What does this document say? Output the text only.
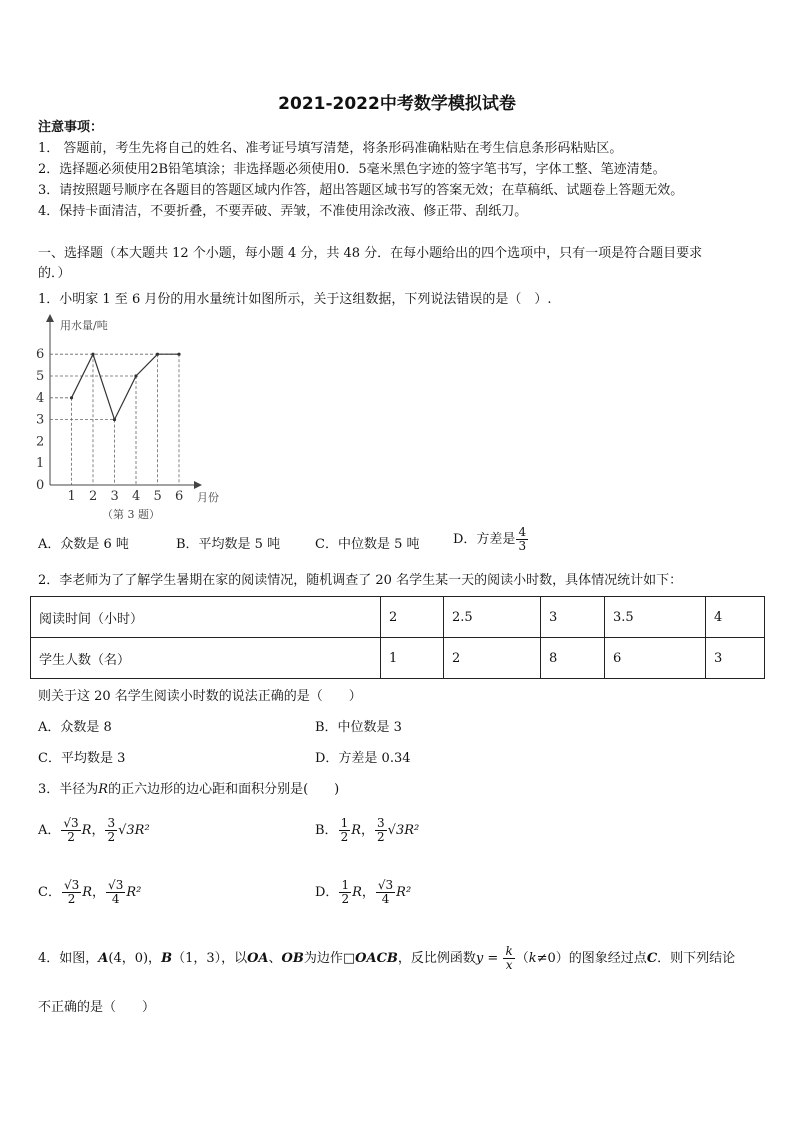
2021-2022中考数学模拟试卷
注意事项：
1． 答题前，考生先将自己的姓名、准考证号填写清楚，将条形码准确粘贴在考生信息条形码粘贴区。
2．选择题必须使用2B铅笔填涂；非选择题必须使用0．5毫米黑色字迹的签字笔书写，字体工整、笔迹清楚。
3．请按照题号顺序在各题目的答题区域内作答，超出答题区域书写的答案无效；在草稿纸、试题卷上答题无效。
4．保持卡面清洁，不要折叠，不要弄破、弄皱，不准使用涂改液、修正带、刮纸刀。
一、选择题（本大题共 12 个小题，每小题 4 分，共 48 分．在每小题给出的四个选项中，只有一项是符合题目要求
的．）
1．小明家 1 至 6 月份的用水量统计如图所示，关于这组数据，下列说法错误的是（　）.
用水量/吨
月份
（第 3 题）
0
1
2
3
4
5
6
1 2 3 4 5 6
A．众数是 6 吨	B．平均数是 5 吨	C．中位数是 5 吨	D．方差是 $\frac{4}{3}$
2．李老师为了了解学生暑期在家的阅读情况，随机调查了 20 名学生某一天的阅读小时数，具体情况统计如下：
阅读时间（小时）	2	2.5	3	3.5	4
学生人数（名）	1	2	8	6	3
则关于这 20 名学生阅读小时数的说法正确的是（　　）
A．众数是 8	B．中位数是 3
C．平均数是 3	D．方差是 0.34
3．半径为R的正六边形的边心距和面积分别是(　　)
A． $\frac{√3}{2}$ R， $\frac{3}{2} √3R^2$	B． $\frac{1}{2}$ R， $\frac{3}{2} √3R^2$
C． $\frac{√3}{2}$ R， $\frac{√3}{4} R^2$	D． $\frac{1}{2}$ R， $\frac{√3}{4} R^2$
4．如图，A(4，0)，B（1，3），以OA、OB为边作□OACB，反比例函数$y = \frac{k}{x} (k\ne 0)$的图象经过点C．则下列结论
不正确的是（　　）
